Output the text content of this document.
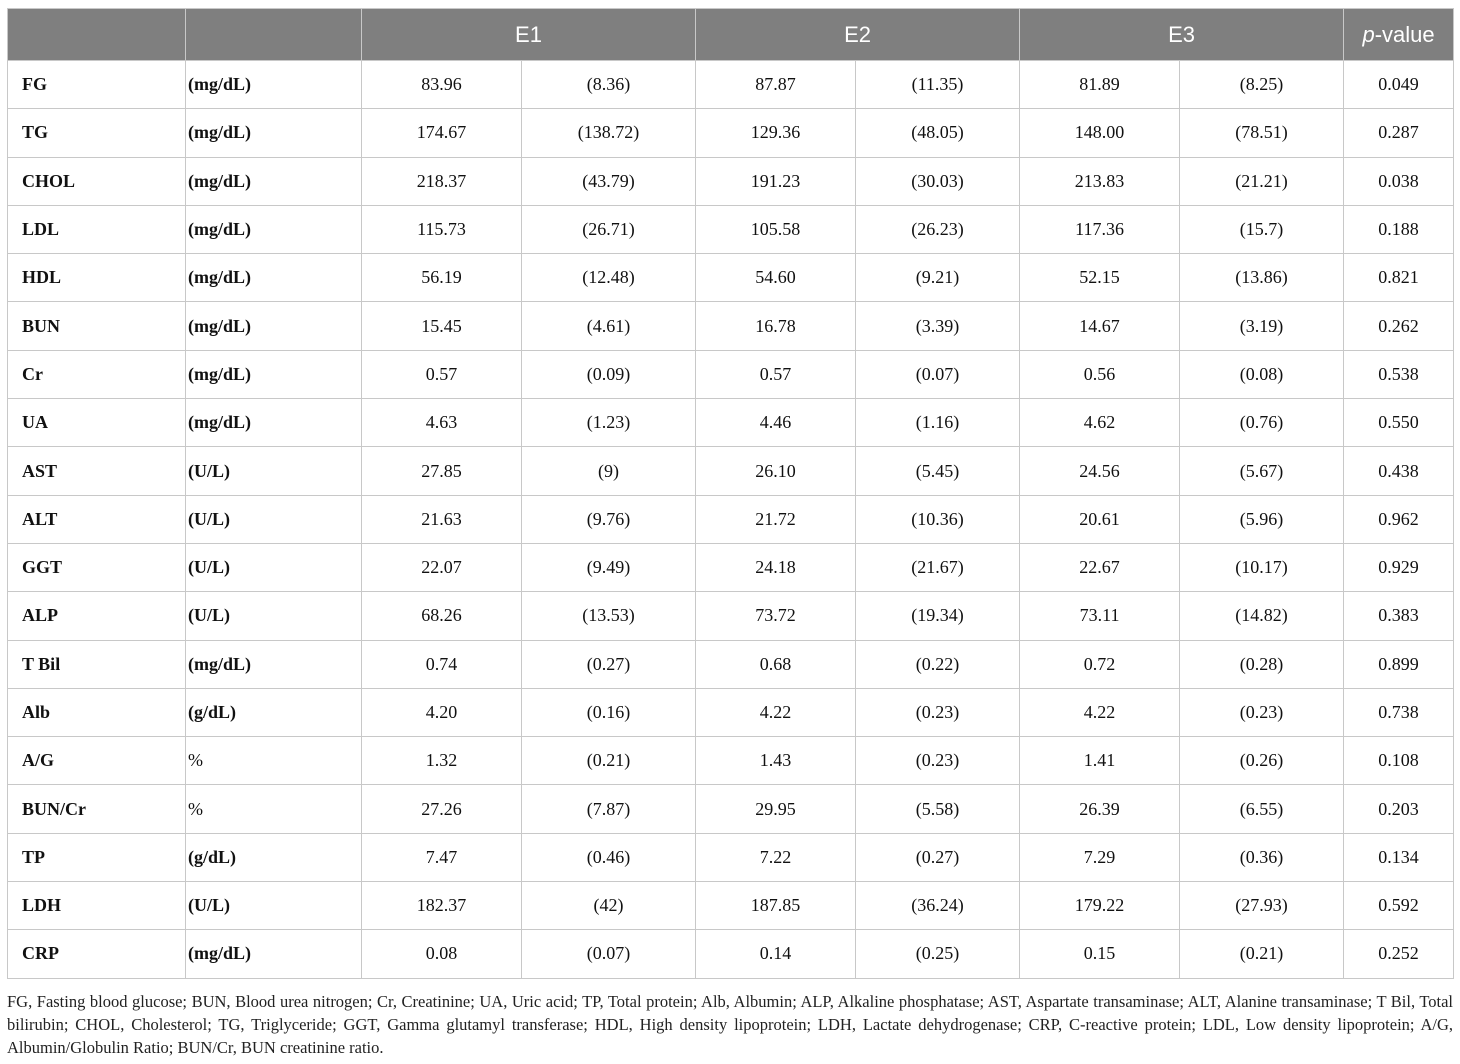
		E1		E2		E3		p-value
FG	(mg/dL)	83.96	(8.36)	87.87	(11.35)	81.89	(8.25)	0.049
TG	(mg/dL)	174.67	(138.72)	129.36	(48.05)	148.00	(78.51)	0.287
CHOL	(mg/dL)	218.37	(43.79)	191.23	(30.03)	213.83	(21.21)	0.038
LDL	(mg/dL)	115.73	(26.71)	105.58	(26.23)	117.36	(15.7)	0.188
HDL	(mg/dL)	56.19	(12.48)	54.60	(9.21)	52.15	(13.86)	0.821
BUN	(mg/dL)	15.45	(4.61)	16.78	(3.39)	14.67	(3.19)	0.262
Cr	(mg/dL)	0.57	(0.09)	0.57	(0.07)	0.56	(0.08)	0.538
UA	(mg/dL)	4.63	(1.23)	4.46	(1.16)	4.62	(0.76)	0.550
AST	(U/L)	27.85	(9)	26.10	(5.45)	24.56	(5.67)	0.438
ALT	(U/L)	21.63	(9.76)	21.72	(10.36)	20.61	(5.96)	0.962
GGT	(U/L)	22.07	(9.49)	24.18	(21.67)	22.67	(10.17)	0.929
ALP	(U/L)	68.26	(13.53)	73.72	(19.34)	73.11	(14.82)	0.383
T Bil	(mg/dL)	0.74	(0.27)	0.68	(0.22)	0.72	(0.28)	0.899
Alb	(g/dL)	4.20	(0.16)	4.22	(0.23)	4.22	(0.23)	0.738
A/G	%	1.32	(0.21)	1.43	(0.23)	1.41	(0.26)	0.108
BUN/Cr	%	27.26	(7.87)	29.95	(5.58)	26.39	(6.55)	0.203
TP	(g/dL)	7.47	(0.46)	7.22	(0.27)	7.29	(0.36)	0.134
LDH	(U/L)	182.37	(42)	187.85	(36.24)	179.22	(27.93)	0.592
CRP	(mg/dL)	0.08	(0.07)	0.14	(0.25)	0.15	(0.21)	0.252
FG, Fasting blood glucose; BUN, Blood urea nitrogen; Cr, Creatinine; UA, Uric acid; TP, Total protein; Alb, Albumin; ALP, Alkaline phosphatase; AST, Aspartate transaminase; ALT, Alanine transaminase; T Bil, Total bilirubin; CHOL, Cholesterol; TG, Triglyceride; GGT, Gamma glutamyl transferase; HDL, High density lipoprotein; LDH, Lactate dehydrogenase; CRP, C-reactive protein; LDL, Low density lipoprotein; A/G, Albumin/Globulin Ratio; BUN/Cr, BUN creatinine ratio.
